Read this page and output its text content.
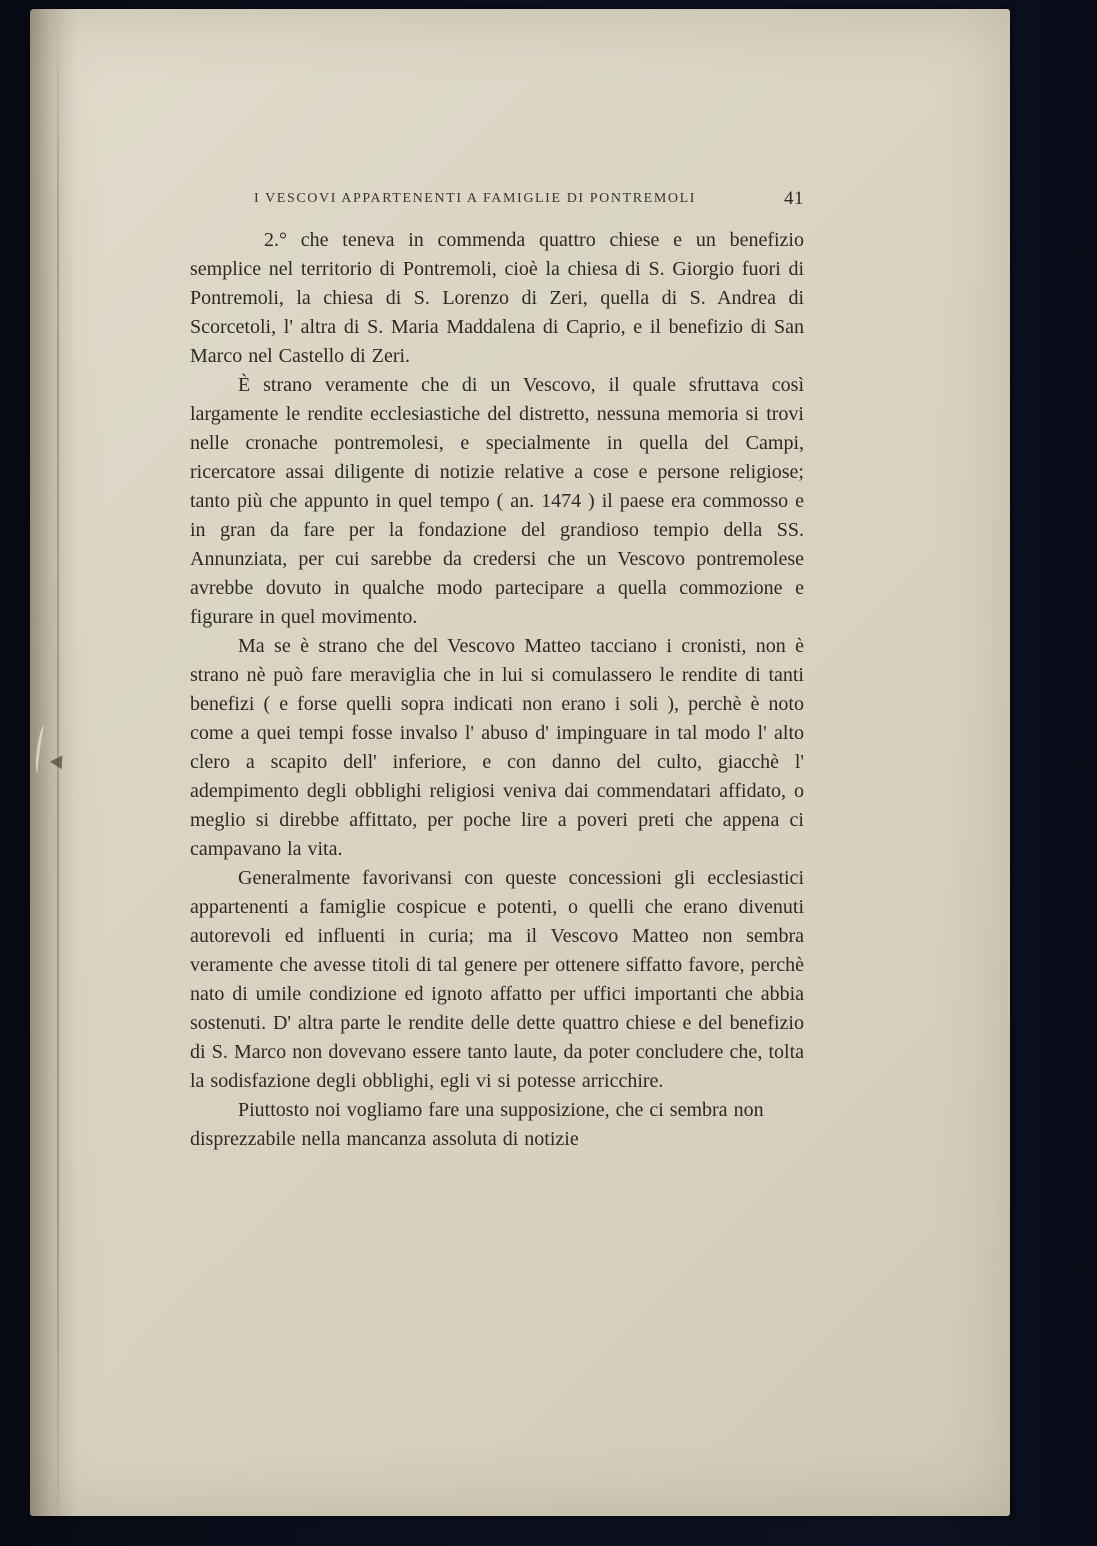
I VESCOVI APPARTENENTI A FAMIGLIE DI PONTREMOLI	41

2.° che teneva in commenda quattro chiese e un benefizio semplice nel territorio di Pontremoli, cioè la chiesa di S. Giorgio fuori di Pontremoli, la chiesa di S. Lorenzo di Zeri, quella di S. Andrea di Scorcetoli, l' altra di S. Maria Maddalena di Caprio, e il benefizio di San Marco nel Castello di Zeri.

È strano veramente che di un Vescovo, il quale sfruttava così largamente le rendite ecclesiastiche del distretto, nessuna memoria si trovi nelle cronache pontremolesi, e specialmente in quella del Campi, ricercatore assai diligente di notizie relative a cose e persone religiose; tanto più che appunto in quel tempo ( an. 1474 ) il paese era commosso e in gran da fare per la fondazione del grandioso tempio della SS. Annunziata, per cui sarebbe da credersi che un Vescovo pontremolese avrebbe dovuto in qualche modo partecipare a quella commozione e figurare in quel movimento.

Ma se è strano che del Vescovo Matteo tacciano i cronisti, non è strano nè può fare meraviglia che in lui si comulassero le rendite di tanti benefizi ( e forse quelli sopra indicati non erano i soli ), perchè è noto come a quei tempi fosse invalso l' abuso d' impinguare in tal modo l' alto clero a scapito dell' inferiore, e con danno del culto, giacchè l' adempimento degli obblighi religiosi veniva dai commendatari affidato, o meglio si direbbe affittato, per poche lire a poveri preti che appena ci campavano la vita.

Generalmente favorivansi con queste concessioni gli ecclesiastici appartenenti a famiglie cospicue e potenti, o quelli che erano divenuti autorevoli ed influenti in curia; ma il Vescovo Matteo non sembra veramente che avesse titoli di tal genere per ottenere siffatto favore, perchè nato di umile condizione ed ignoto affatto per uffici importanti che abbia sostenuti. D' altra parte le rendite delle dette quattro chiese e del benefizio di S. Marco non dovevano essere tanto laute, da poter concludere che, tolta la sodisfazione degli obblighi, egli vi si potesse arricchire.

Piuttosto noi vogliamo fare una supposizione, che ci sembra non disprezzabile nella mancanza assoluta di notizie
